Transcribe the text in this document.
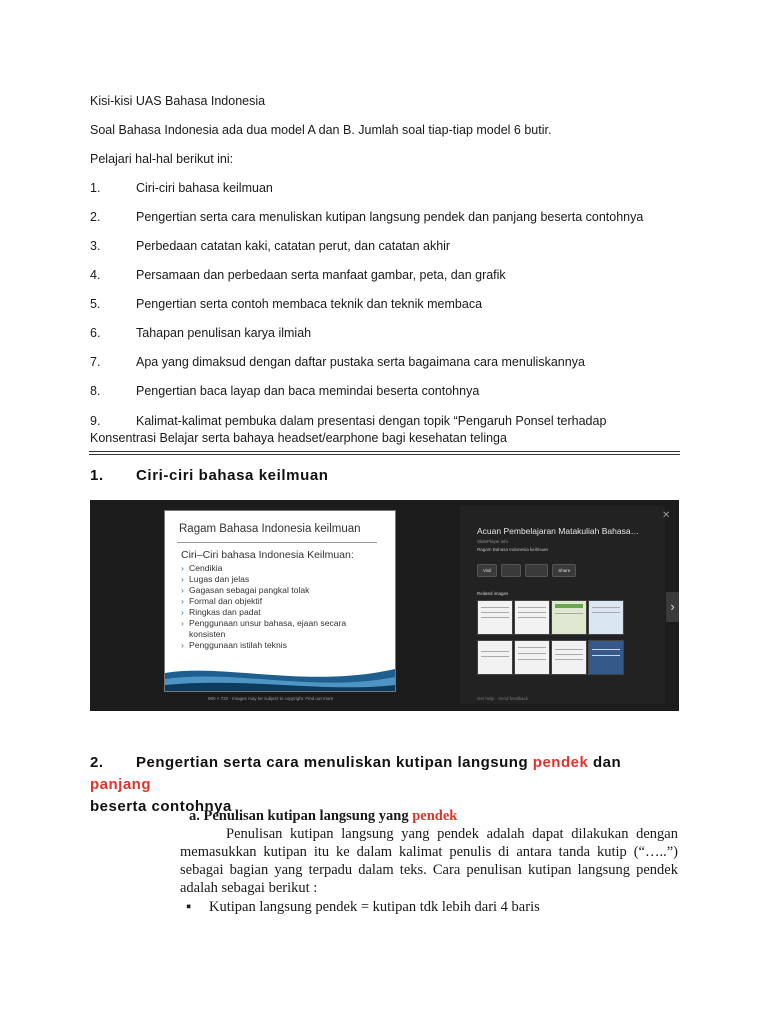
Kisi-kisi UAS Bahasa Indonesia

Soal Bahasa Indonesia ada dua model A dan B. Jumlah soal tiap-tiap model 6 butir.

Pelajari hal-hal berikut ini:

1.	Ciri-ciri bahasa keilmuan
2.	Pengertian serta cara menuliskan kutipan langsung pendek dan panjang beserta contohnya
3.	Perbedaan catatan kaki, catatan perut, dan catatan akhir
4.	Persamaan dan perbedaan serta manfaat gambar, peta, dan grafik
5.	Pengertian serta contoh membaca teknik dan teknik membaca
6.	Tahapan penulisan karya ilmiah
7.	Apa yang dimaksud dengan daftar pustaka serta bagaimana cara menuliskannya
8.	Pengertian baca layap dan baca memindai beserta contohnya
9.	Kalimat-kalimat pembuka dalam presentasi dengan topik “Pengaruh Ponsel terhadap

Konsentrasi Belajar serta bahaya headset/earphone bagi kesehatan telinga

1. Ciri-ciri bahasa keilmuan
Ragam Bahasa Indonesia keilmuan
Ciri–Ciri bahasa Indonesia Keilmuan:
› Cendikia
› Lugas dan jelas
› Gagasan sebagai pangkal tolak
› Formal dan objektif
› Ringkas dan padat
› Penggunaan unsur bahasa, ejaan secara konsisten
› Penggunaan istilah teknis
960 × 720 · Images may be subject to copyright. Find out more
✕
Acuan Pembelajaran Matakuliah Bahasa…
SlidePlayer.info
Ragam Bahasa Indonesia keilmuan
Visit

	Share
Related images
Get help · Send feedback
›
2. Pengertian serta cara menuliskan kutipan langsung pendek dan panjang
beserta contohnya
a. Penulisan kutipan langsung yang pendek

Penulisan kutipan langsung yang pendek adalah dapat dilakukan dengan memasukkan kutipan itu ke dalam kalimat penulis di antara tanda kutip (“…..”) sebagai bagian yang terpadu dalam teks. Cara penulisan kutipan langsung pendek adalah sebagai berikut :

▪	Kutipan langsung pendek = kutipan tdk lebih dari 4 baris
